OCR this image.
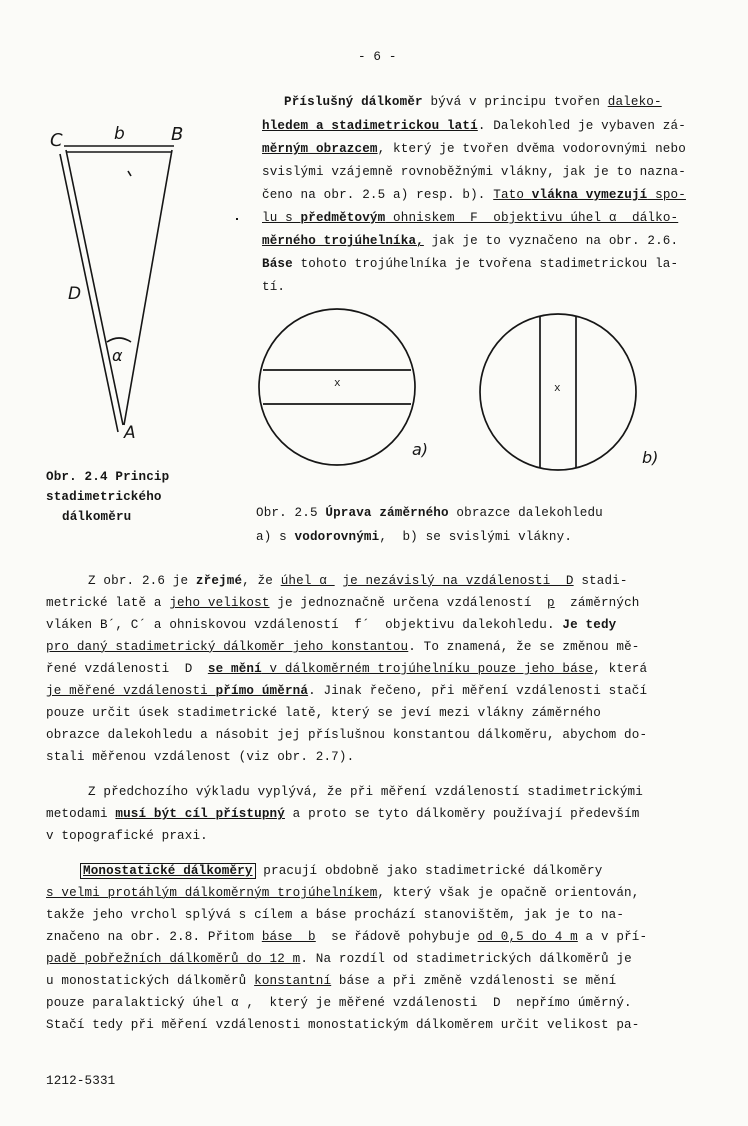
- 6 -
C	b	B
D
α
A
Obr. 2.4 Princip
stadimetrického
dálkoměru
Příslušný dálkoměr bývá v principu tvořen daleko-
hledem a stadimetrickou latí. Dalekohled je vybaven zá-
měrným obrazcem, který je tvořen dvěma vodorovnými nebo
svislými vzájemně rovnoběžnými vlákny, jak je to nazna-
čeno na obr. 2.5 a) resp. b). Tato vlákna vymezují spo-
lu s předmětovým ohniskem  F  objektivu úhel α  dálko-
měrného trojúhelníka, jak je to vyznačeno na obr. 2.6.
Báse tohoto trojúhelníka je tvořena stadimetrickou la-
tí.
x	x
a)	b)
Obr. 2.5 Úprava záměrného obrazce dalekohledu
a) s vodorovnými,  b) se svislými vlákny.
Z obr. 2.6 je zřejmé, že úhel α  je nezávislý na vzdálenosti  D stadi-
metrické latě a jeho velikost je jednoznačně určena vzdáleností  p  záměrných
vláken B´, C´ a ohniskovou vzdáleností  f´  objektivu dalekohledu. Je tedy
pro daný stadimetrický dálkoměr jeho konstantou. To znamená, že se změnou mě-
řené vzdálenosti  D  se mění v dálkoměrném trojúhelníku pouze jeho báse, která
je měřené vzdálenosti přímo úměrná. Jinak řečeno, při měření vzdálenosti stačí
pouze určit úsek stadimetrické latě, který se jeví mezi vlákny záměrného
obrazce dalekohledu a násobit jej příslušnou konstantou dálkoměru, abychom do-
stali měřenou vzdálenost (viz obr. 2.7).
Z předchozího výkladu vyplývá, že při měření vzdáleností stadimetrickými
metodami musí být cíl přístupný a proto se tyto dálkoměry používají především
v topografické praxi.
Monostatické dálkoměry pracují obdobně jako stadimetrické dálkoměry
s velmi protáhlým dálkoměrným trojúhelníkem, který však je opačně orientován,
takže jeho vrchol splývá s cílem a báse prochází stanovištěm, jak je to na-
značeno na obr. 2.8. Přitom báse  b  se řádově pohybuje od 0,5 do 4 m a v pří-
padě pobřežních dálkoměrů do 12 m. Na rozdíl od stadimetrických dálkoměrů je
u monostatických dálkoměrů konstantní báse a při změně vzdálenosti se mění
pouze paralaktický úhel α ,  který je měřené vzdálenosti  D  nepřímo úměrný.
Stačí tedy při měření vzdálenosti monostatickým dálkoměrem určit velikost pa-
1212-5331
